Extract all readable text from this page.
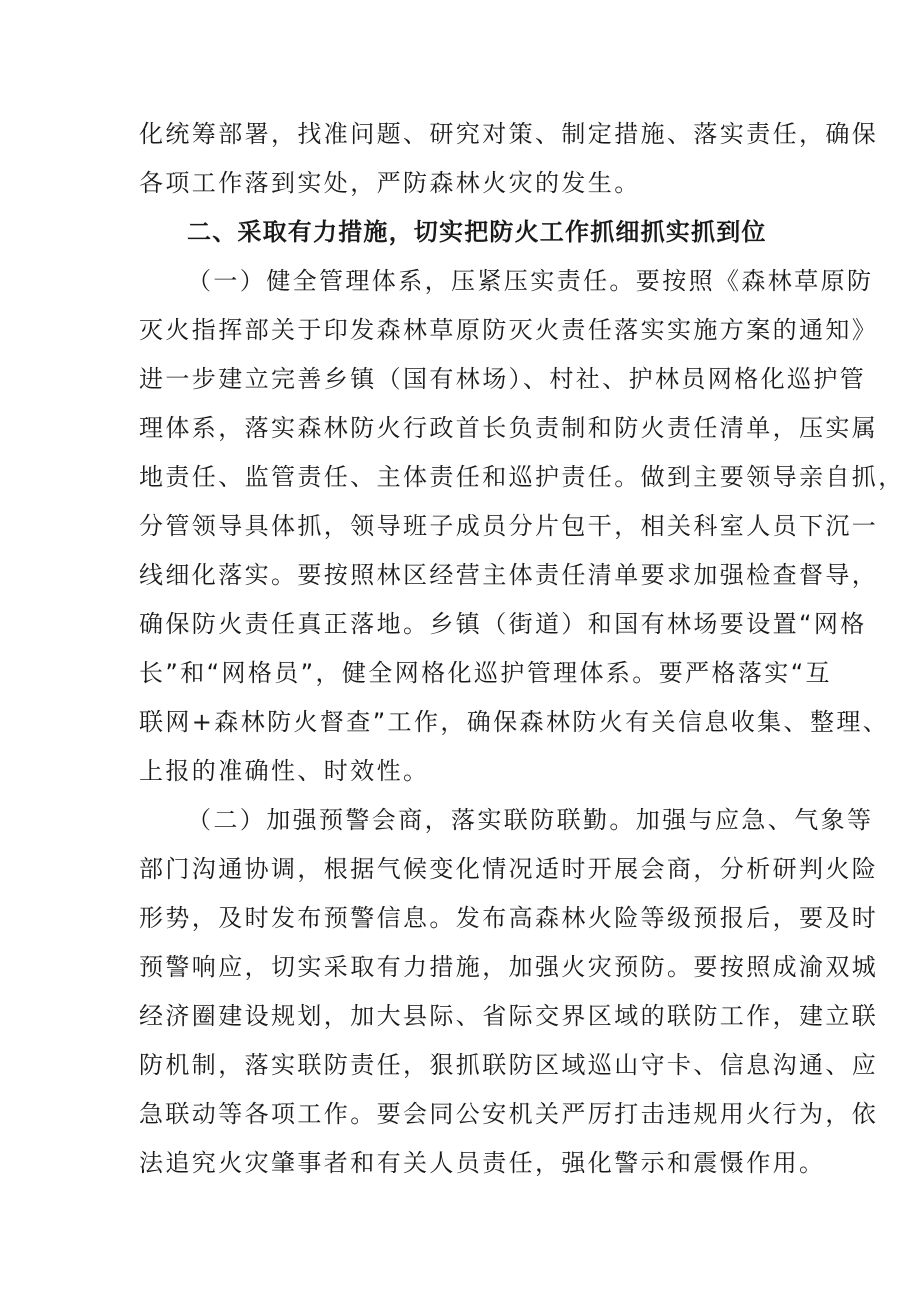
化统筹部署，找准问题、研究对策、制定措施、落实责任，确保
各项工作落到实处，严防森林火灾的发生。
二、采取有力措施，切实把防火工作抓细抓实抓到位
（一）健全管理体系，压紧压实责任。要按照《森林草原防
灭火指挥部关于印发森林草原防灭火责任落实实施方案的通知》
进一步建立完善乡镇（国有林场）、村社、护林员网格化巡护管
理体系，落实森林防火行政首长负责制和防火责任清单，压实属
地责任、监管责任、主体责任和巡护责任。做到主要领导亲自抓，
分管领导具体抓，领导班子成员分片包干，相关科室人员下沉一
线细化落实。要按照林区经营主体责任清单要求加强检查督导，
确保防火责任真正落地。乡镇（街道）和国有林场要设置“网格
长”和“网格员”，健全网格化巡护管理体系。要严格落实“互
联网+森林防火督查”工作，确保森林防火有关信息收集、整理、
上报的准确性、时效性。
（二）加强预警会商，落实联防联勤。加强与应急、气象等
部门沟通协调，根据气候变化情况适时开展会商，分析研判火险
形势，及时发布预警信息。发布高森林火险等级预报后，要及时
预警响应，切实采取有力措施，加强火灾预防。要按照成渝双城
经济圈建设规划，加大县际、省际交界区域的联防工作，建立联
防机制，落实联防责任，狠抓联防区域巡山守卡、信息沟通、应
急联动等各项工作。要会同公安机关严厉打击违规用火行为，依
法追究火灾肇事者和有关人员责任，强化警示和震慑作用。
